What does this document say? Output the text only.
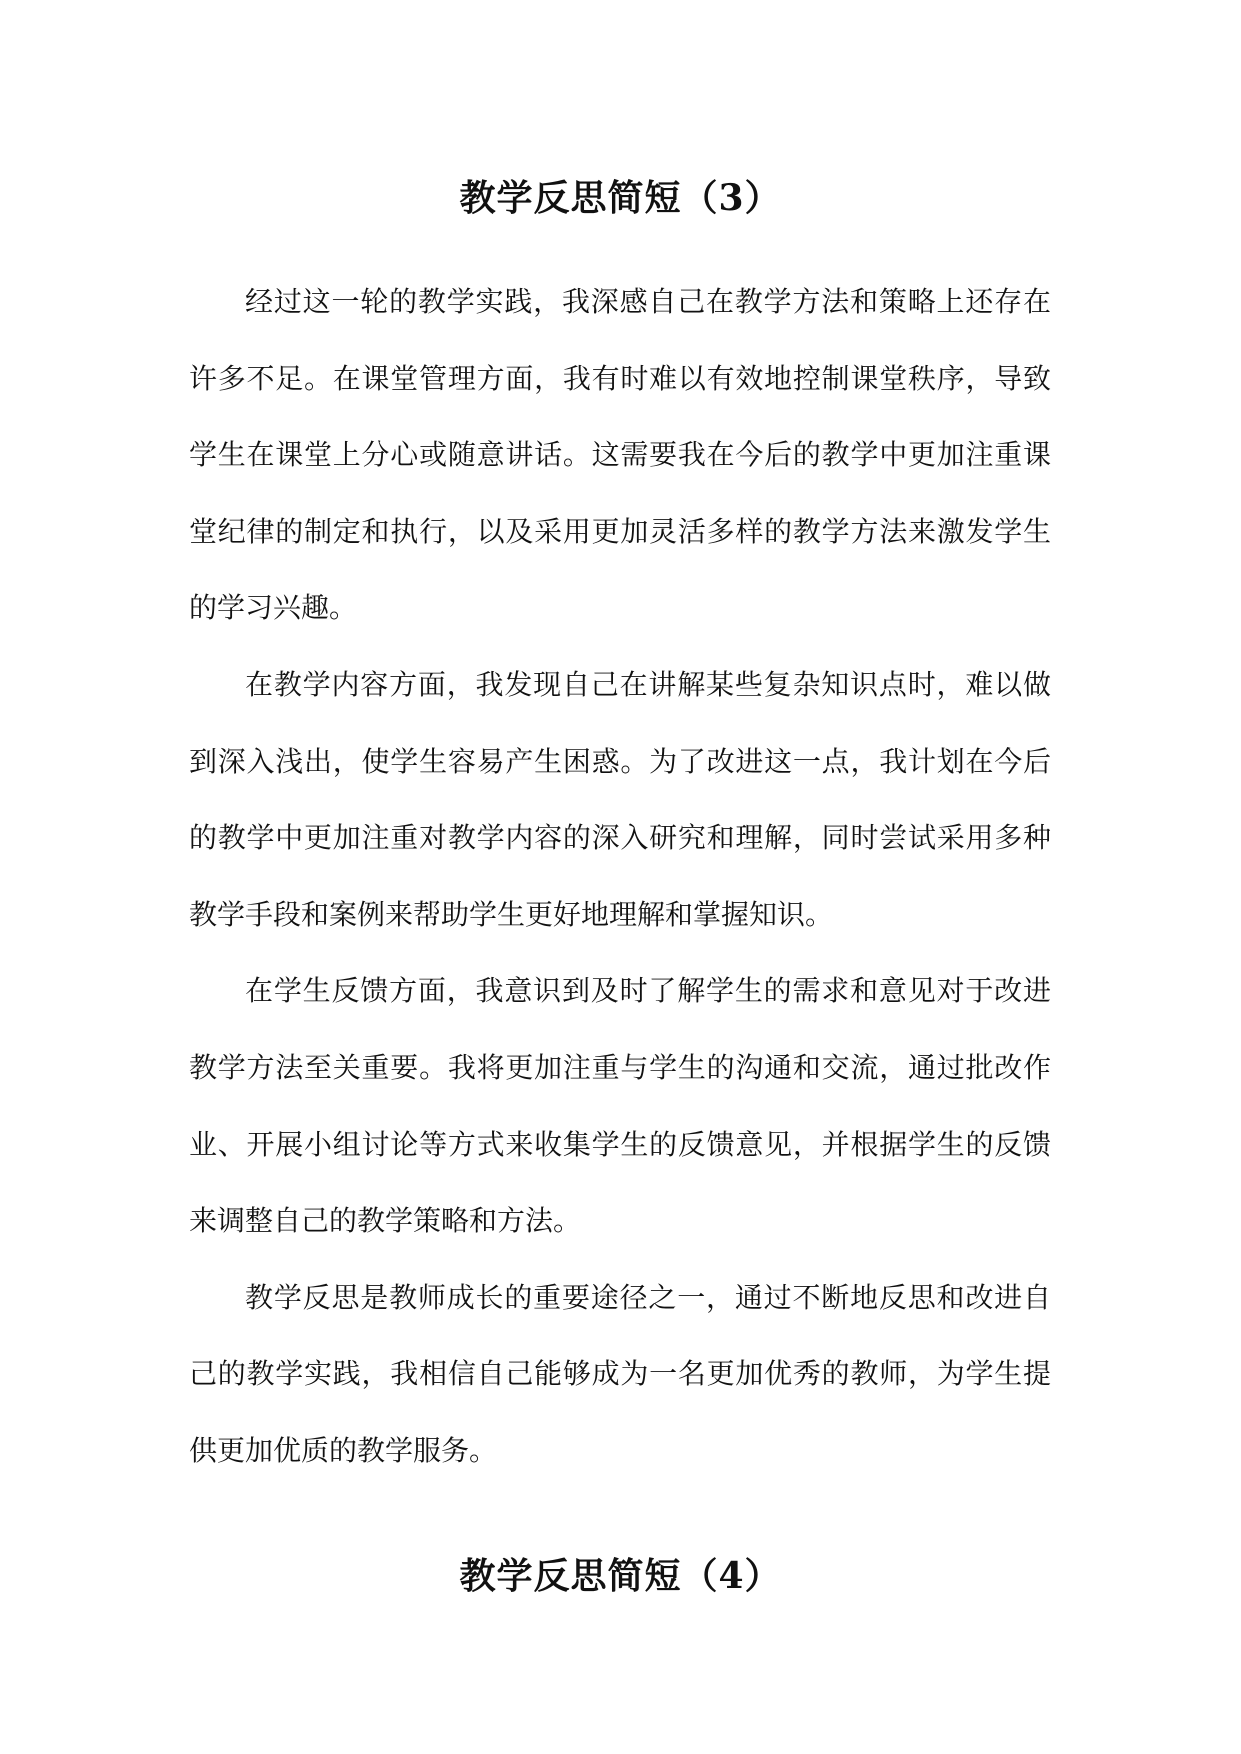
教学反思简短（3）

经过这一轮的教学实践，我深感自己在教学方法和策略上还存在许多不足。在课堂管理方面，我有时难以有效地控制课堂秩序，导致学生在课堂上分心或随意讲话。这需要我在今后的教学中更加注重课堂纪律的制定和执行，以及采用更加灵活多样的教学方法来激发学生的学习兴趣。

在教学内容方面，我发现自己在讲解某些复杂知识点时，难以做到深入浅出，使学生容易产生困惑。为了改进这一点，我计划在今后的教学中更加注重对教学内容的深入研究和理解，同时尝试采用多种教学手段和案例来帮助学生更好地理解和掌握知识。

在学生反馈方面，我意识到及时了解学生的需求和意见对于改进教学方法至关重要。我将更加注重与学生的沟通和交流，通过批改作业、开展小组讨论等方式来收集学生的反馈意见，并根据学生的反馈来调整自己的教学策略和方法。

教学反思是教师成长的重要途径之一，通过不断地反思和改进自己的教学实践，我相信自己能够成为一名更加优秀的教师，为学生提供更加优质的教学服务。

教学反思简短（4）
